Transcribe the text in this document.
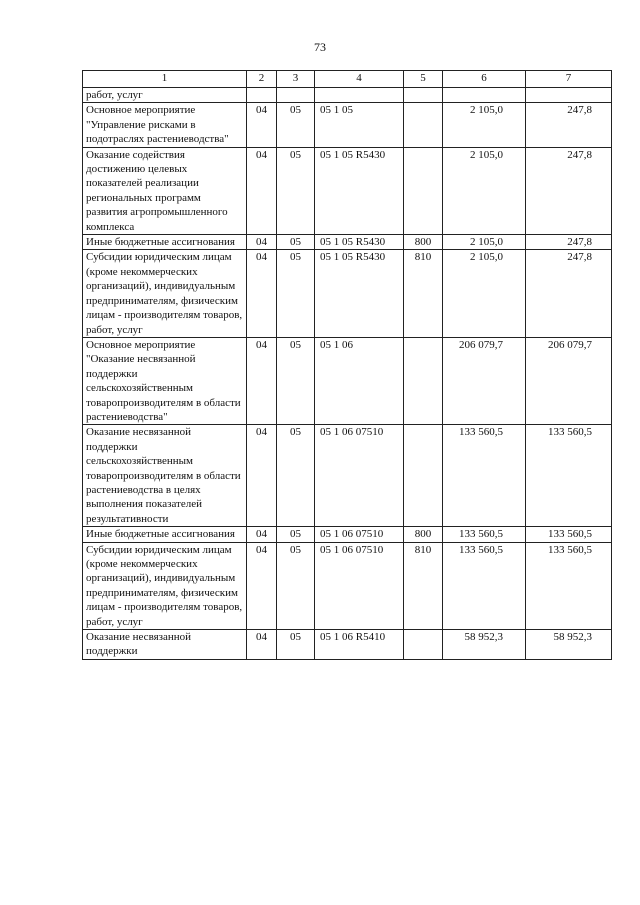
73
1	2	3	4	5	6	7
работ, услуг						
Основное мероприятие "Управление рисками в подотраслях растениеводства"	04	05	05 1 05		2 105,0	247,8
Оказание содействия достижению целевых показателей реализации региональных программ развития агропромышленного комплекса	04	05	05 1 05 R5430		2 105,0	247,8
Иные бюджетные ассигнования	04	05	05 1 05 R5430	800	2 105,0	247,8
Субсидии юридическим лицам (кроме некоммерческих организаций), индивидуальным предпринимателям, физическим лицам - производителям товаров, работ, услуг	04	05	05 1 05 R5430	810	2 105,0	247,8
Основное мероприятие "Оказание несвязанной поддержки сельскохозяйственным товаропроизводителям в области растениеводства"	04	05	05 1 06		206 079,7	206 079,7
Оказание несвязанной поддержки сельскохозяйственным товаропроизводителям в области растениеводства в целях выполнения показателей результативности	04	05	05 1 06 07510		133 560,5	133 560,5
Иные бюджетные ассигнования	04	05	05 1 06 07510	800	133 560,5	133 560,5
Субсидии юридическим лицам (кроме некоммерческих организаций), индивидуальным предпринимателям, физическим лицам - производителям товаров, работ, услуг	04	05	05 1 06 07510	810	133 560,5	133 560,5
Оказание несвязанной поддержки	04	05	05 1 06 R5410		58 952,3	58 952,3
